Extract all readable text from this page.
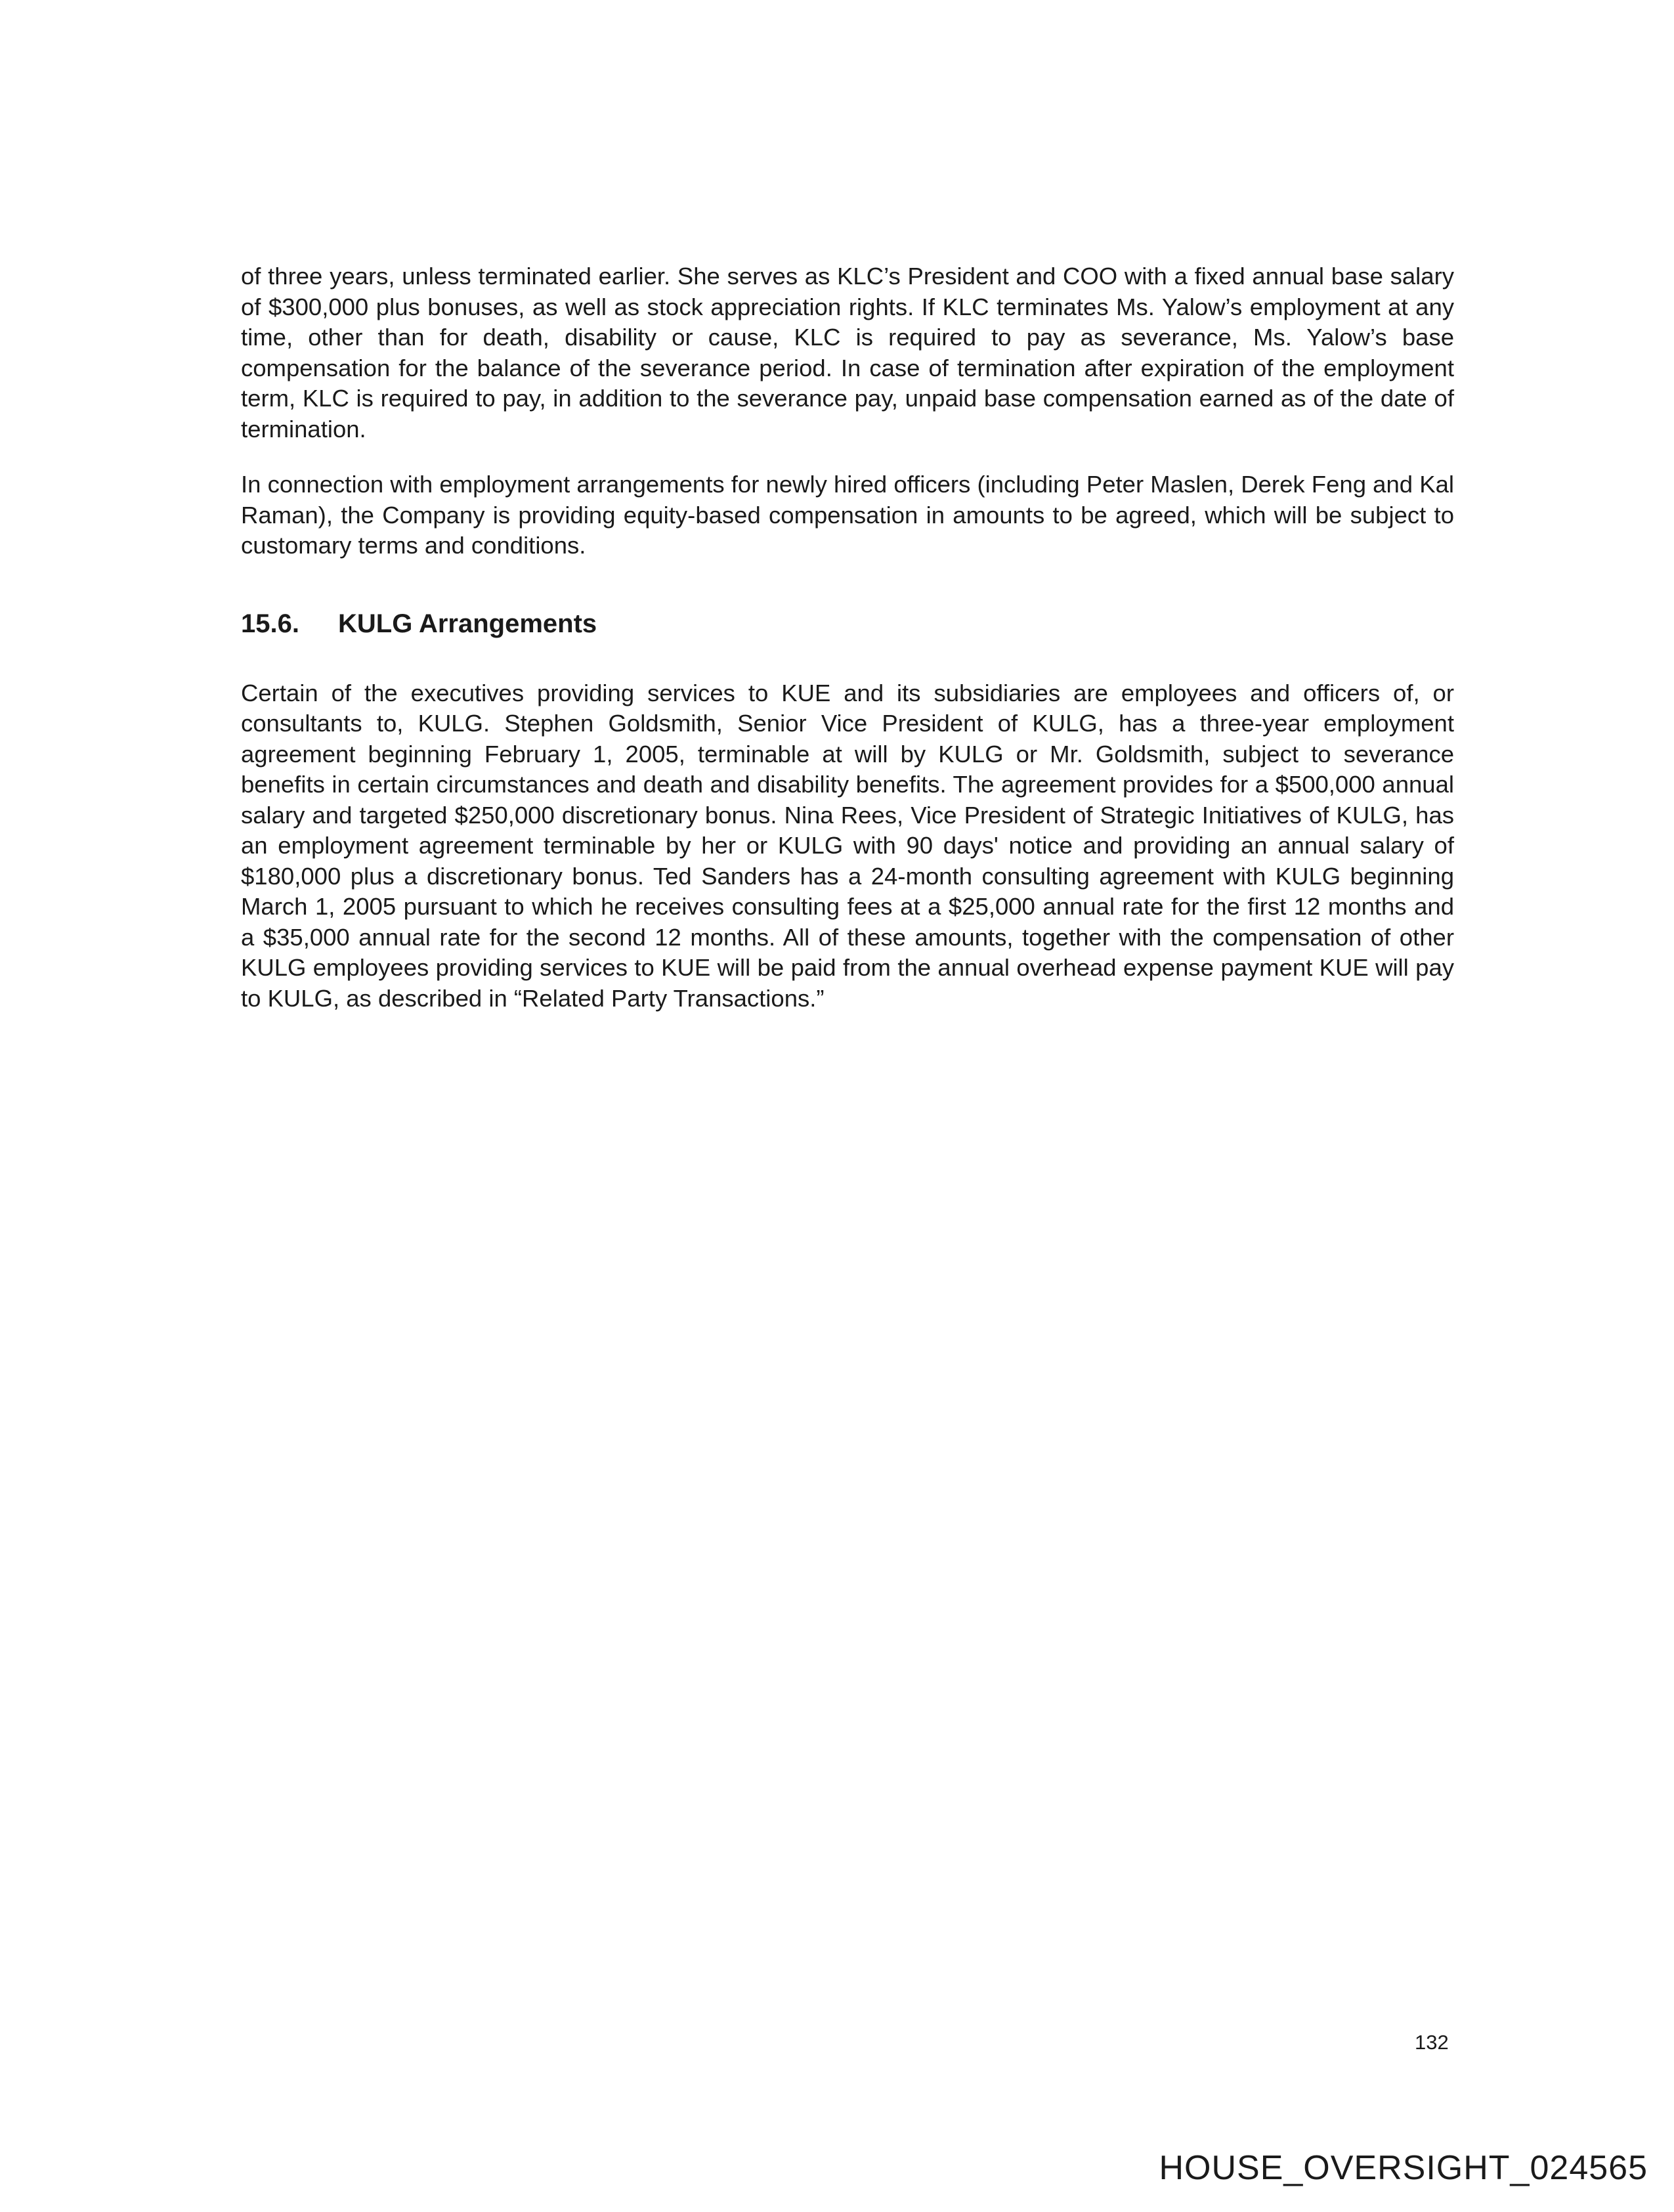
of three years, unless terminated earlier. She serves as KLC’s President and COO with a fixed annual base salary of $300,000 plus bonuses, as well as stock appreciation rights. If KLC terminates Ms. Yalow’s employment at any time, other than for death, disability or cause, KLC is required to pay as severance, Ms. Yalow’s base compensation for the balance of the severance period. In case of termination after expiration of the employment term, KLC is required to pay, in addition to the severance pay, unpaid base compensation earned as of the date of termination.

In connection with employment arrangements for newly hired officers (including Peter Maslen, Derek Feng and Kal Raman), the Company is providing equity-based compensation in amounts to be agreed, which will be subject to customary terms and conditions.

15.6.	KULG Arrangements

Certain of the executives providing services to KUE and its subsidiaries are employees and officers of, or consultants to, KULG. Stephen Goldsmith, Senior Vice President of KULG, has a three-year employment agreement beginning February 1, 2005, terminable at will by KULG or Mr. Goldsmith, subject to severance benefits in certain circumstances and death and disability benefits. The agreement provides for a $500,000 annual salary and targeted $250,000 discretionary bonus. Nina Rees, Vice President of Strategic Initiatives of KULG, has an employment agreement terminable by her or KULG with 90 days' notice and providing an annual salary of $180,000 plus a discretionary bonus. Ted Sanders has a 24-month consulting agreement with KULG beginning March 1, 2005 pursuant to which he receives consulting fees at a $25,000 annual rate for the first 12 months and a $35,000 annual rate for the second 12 months. All of these amounts, together with the compensation of other KULG employees providing services to KUE will be paid from the annual overhead expense payment KUE will pay to KULG, as described in “Related Party Transactions.”

132

HOUSE_OVERSIGHT_024565
